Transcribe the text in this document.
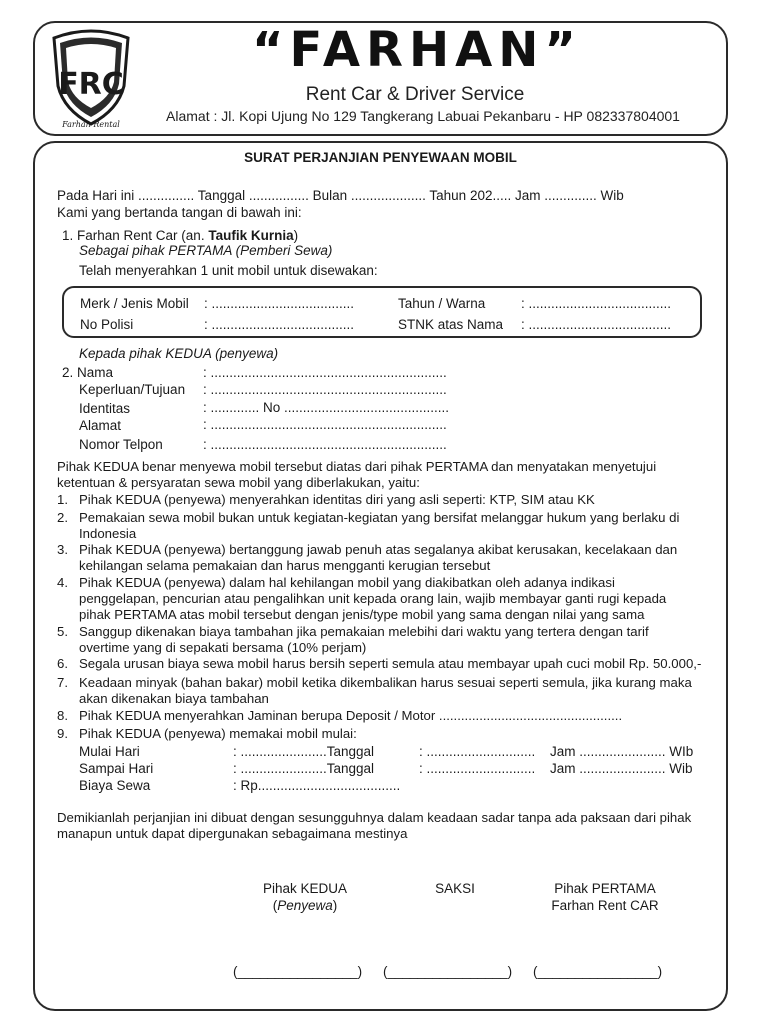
FRC
Farhan Rental
“FARHAN”
Rent Car & Driver Service
Alamat : Jl. Kopi Ujung No 129 Tangkerang Labuai Pekanbaru - HP 082337804001
SURAT PERJANJIAN PENYEWAAN MOBIL
Pada Hari ini ............... Tanggal ................ Bulan .................... Tahun 202..... Jam .............. Wib
Kami yang bertanda tangan di bawah ini:
1. Farhan Rent Car (an. Taufik Kurnia)
Sebagai pihak PERTAMA (Pemberi Sewa)
Telah menyerahkan 1 unit mobil untuk disewakan:
Merk / Jenis Mobil : ......................................	Tahun / Warna	: ......................................
No Polisi	: ......................................	STNK atas Nama : ......................................
Kepada pihak KEDUA (penyewa)
2. Nama	: ...............................................................
Keperluan/Tujuan : ...............................................................
Identitas	: ............. No ............................................
Alamat	: ...............................................................
Nomor Telpon	: ...............................................................
Pihak KEDUA benar menyewa mobil tersebut diatas dari pihak PERTAMA dan menyatakan menyetujui
ketentuan & persyaratan sewa mobil yang diberlakukan, yaitu:
1. Pihak KEDUA (penyewa) menyerahkan identitas diri yang asli seperti: KTP, SIM atau KK
2. Pemakaian sewa mobil bukan untuk kegiatan-kegiatan yang bersifat melanggar hukum yang berlaku di
Indonesia
3. Pihak KEDUA (penyewa) bertanggung jawab penuh atas segalanya akibat kerusakan, kecelakaan dan
kehilangan selama pemakaian dan harus mengganti kerugian tersebut
4. Pihak KEDUA (penyewa) dalam hal kehilangan mobil yang diakibatkan oleh adanya indikasi
penggelapan, pencurian atau pengalihkan unit kepada orang lain, wajib membayar ganti rugi kepada
pihak PERTAMA atas mobil tersebut dengan jenis/type mobil yang sama dengan nilai yang sama
5. Sanggup dikenakan biaya tambahan jika pemakaian melebihi dari waktu yang tertera dengan tarif
overtime yang di sepakati bersama (10% perjam)
6. Segala urusan biaya sewa mobil harus bersih seperti semula atau membayar upah cuci mobil Rp. 50.000,-
7. Keadaan minyak (bahan bakar) mobil ketika dikembalikan harus sesuai seperti semula, jika kurang maka
akan dikenakan biaya tambahan
8. Pihak KEDUA menyerahkan Jaminan berupa Deposit / Motor ..................................................
9. Pihak KEDUA (penyewa) memakai mobil mulai:
Mulai Hari	: .......................Tanggal	: ............................. Jam ....................... WIb
Sampai Hari	: .......................Tanggal	: ............................. Jam ....................... Wib
Biaya Sewa	: Rp......................................
Demikianlah perjanjian ini dibuat dengan sesungguhnya dalam keadaan sadar tanpa ada paksaan dari pihak
manapun untuk dapat dipergunakan sebagaimana mestinya
Pihak KEDUA
(Penyewa)
SAKSI	Pihak PERTAMA
Farhan Rent CAR
(________________) (________________) (________________)
